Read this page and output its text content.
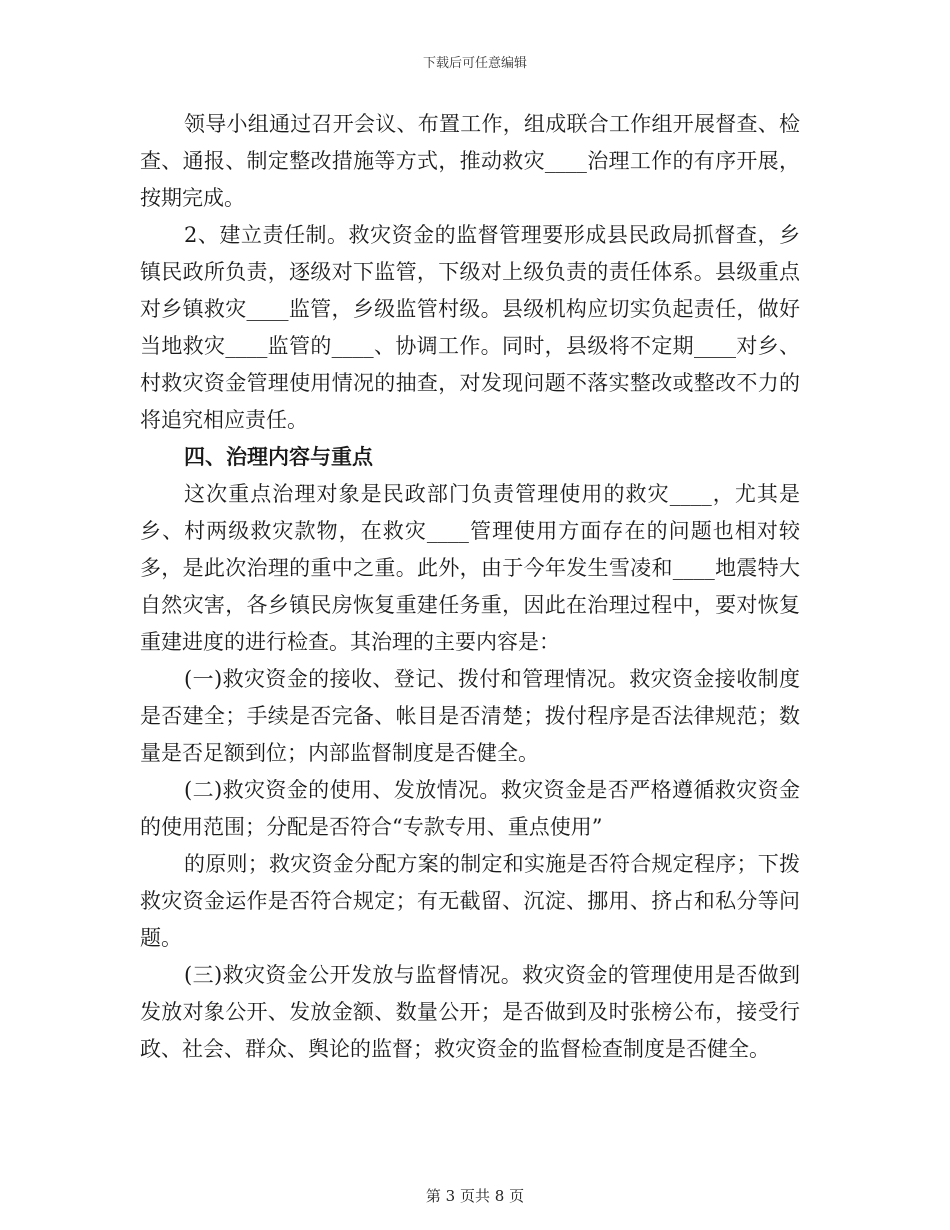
下载后可任意编辑

领导小组通过召开会议、布置工作，组成联合工作组开展督查、检查、通报、制定整改措施等方式，推动救灾____治理工作的有序开展，按期完成。

2、建立责任制。救灾资金的监督管理要形成县民政局抓督查，乡镇民政所负责，逐级对下监管，下级对上级负责的责任体系。县级重点对乡镇救灾____监管，乡级监管村级。县级机构应切实负起责任，做好当地救灾____监管的____、协调工作。同时，县级将不定期____对乡、村救灾资金管理使用情况的抽查，对发现问题不落实整改或整改不力的将追究相应责任。

四、治理内容与重点

这次重点治理对象是民政部门负责管理使用的救灾____，尤其是乡、村两级救灾款物，在救灾____管理使用方面存在的问题也相对较多，是此次治理的重中之重。此外，由于今年发生雪凌和____地震特大自然灾害，各乡镇民房恢复重建任务重，因此在治理过程中，要对恢复重建进度的进行检查。其治理的主要内容是：

(一)救灾资金的接收、登记、拨付和管理情况。救灾资金接收制度是否建全；手续是否完备、帐目是否清楚；拨付程序是否法律规范；数量是否足额到位；内部监督制度是否健全。

(二)救灾资金的使用、发放情况。救灾资金是否严格遵循救灾资金的使用范围；分配是否符合“专款专用、重点使用”

的原则；救灾资金分配方案的制定和实施是否符合规定程序；下拨救灾资金运作是否符合规定；有无截留、沉淀、挪用、挤占和私分等问题。

(三)救灾资金公开发放与监督情况。救灾资金的管理使用是否做到发放对象公开、发放金额、数量公开；是否做到及时张榜公布，接受行政、社会、群众、舆论的监督；救灾资金的监督检查制度是否健全。

第 3 页共 8 页
